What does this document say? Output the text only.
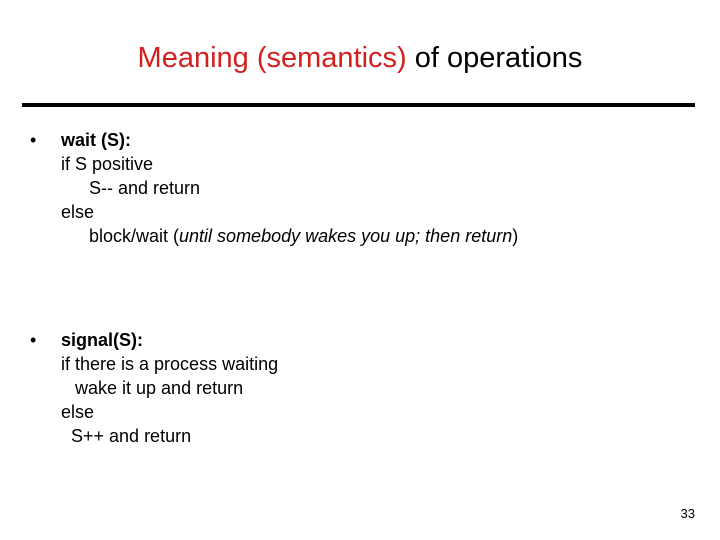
Meaning (semantics) of operations
• wait (S):
if S positive
S-- and return
else
block/wait (until somebody wakes you up; then return)
• signal(S):
if there is a process waiting
wake it up and return
else
S++ and return
33
